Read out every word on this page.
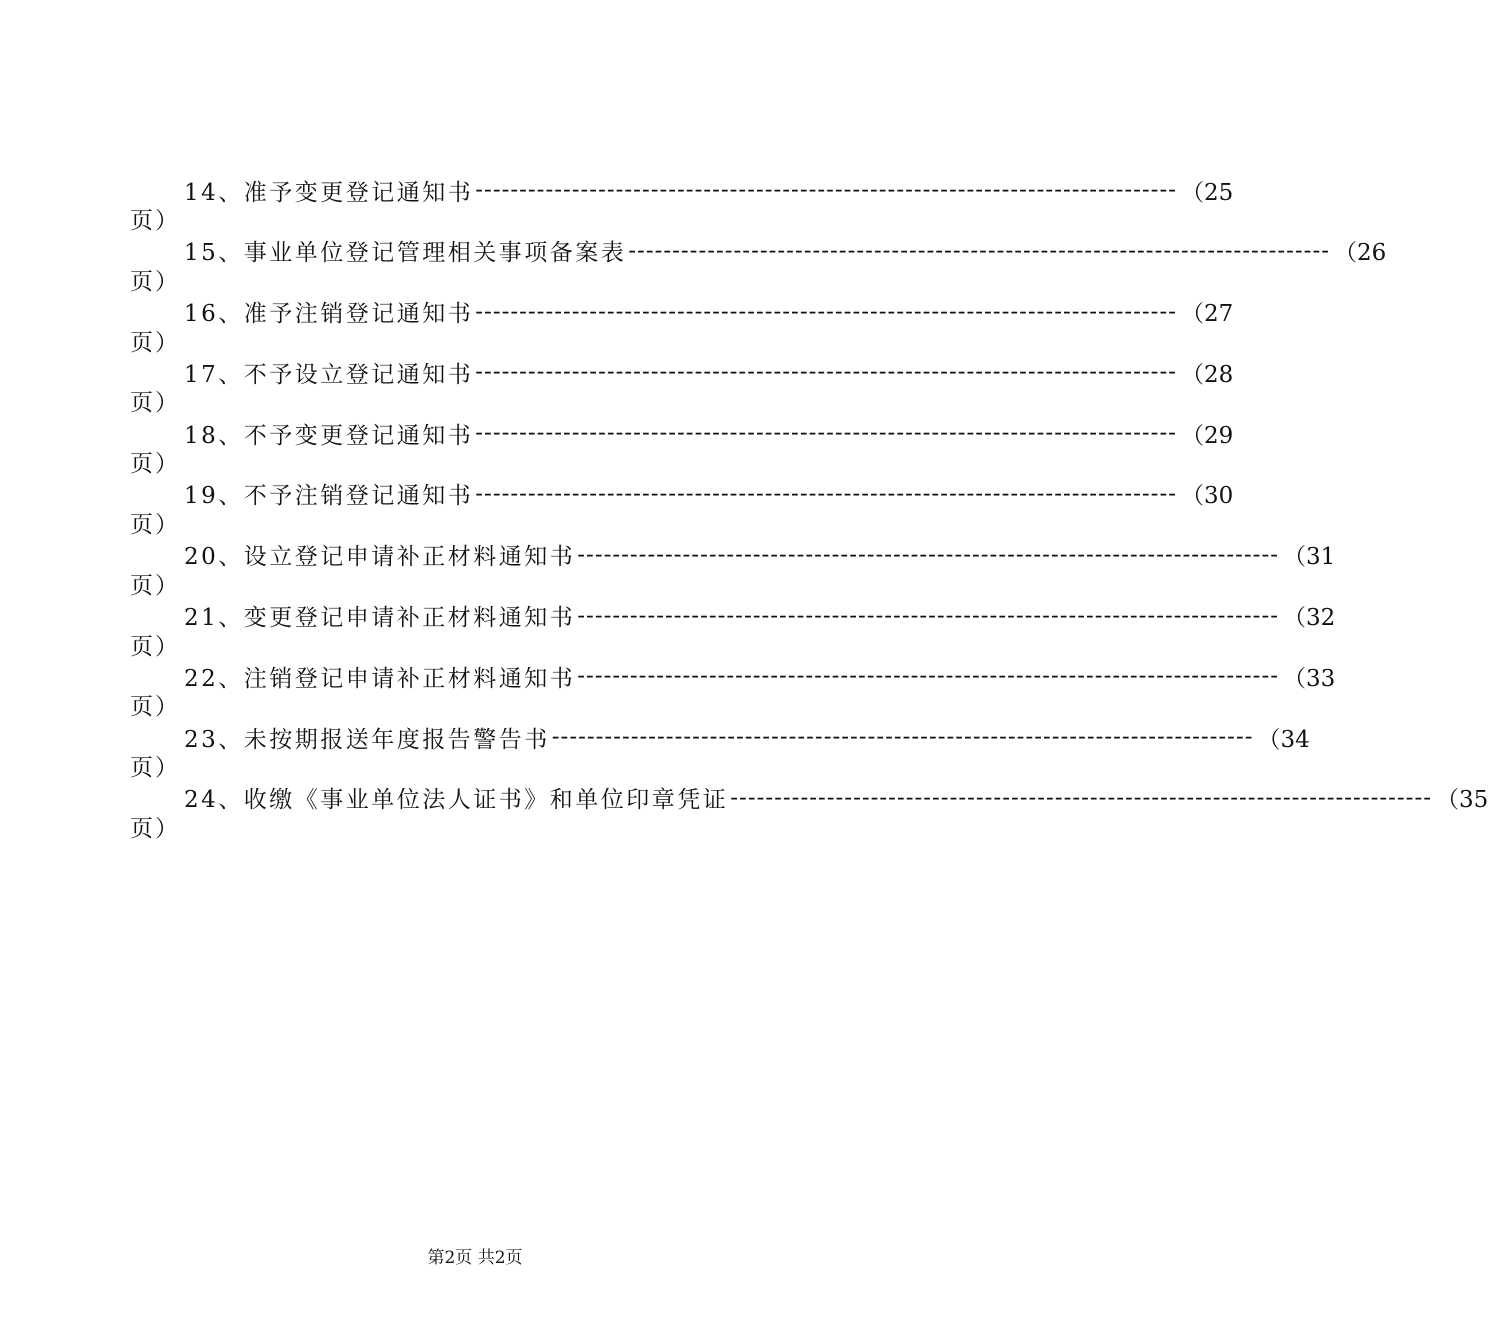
14、准予变更登记通知书 -------------------------------------------------------------------------------- （25
页）
15、事业单位登记管理相关事项备案表 -------------------------------------------------------------------------------- （26
页）
16、准予注销登记通知书 -------------------------------------------------------------------------------- （27
页）
17、不予设立登记通知书 -------------------------------------------------------------------------------- （28
页）
18、不予变更登记通知书 -------------------------------------------------------------------------------- （29
页）
19、不予注销登记通知书 -------------------------------------------------------------------------------- （30
页）
20、设立登记申请补正材料通知书 -------------------------------------------------------------------------------- （31
页）
21、变更登记申请补正材料通知书 -------------------------------------------------------------------------------- （32
页）
22、注销登记申请补正材料通知书 -------------------------------------------------------------------------------- （33
页）
23、未按期报送年度报告警告书 -------------------------------------------------------------------------------- （34
页）
24、收缴《事业单位法人证书》和单位印章凭证 -------------------------------------------------------------------------------- （35
页）
第2页 共2页
